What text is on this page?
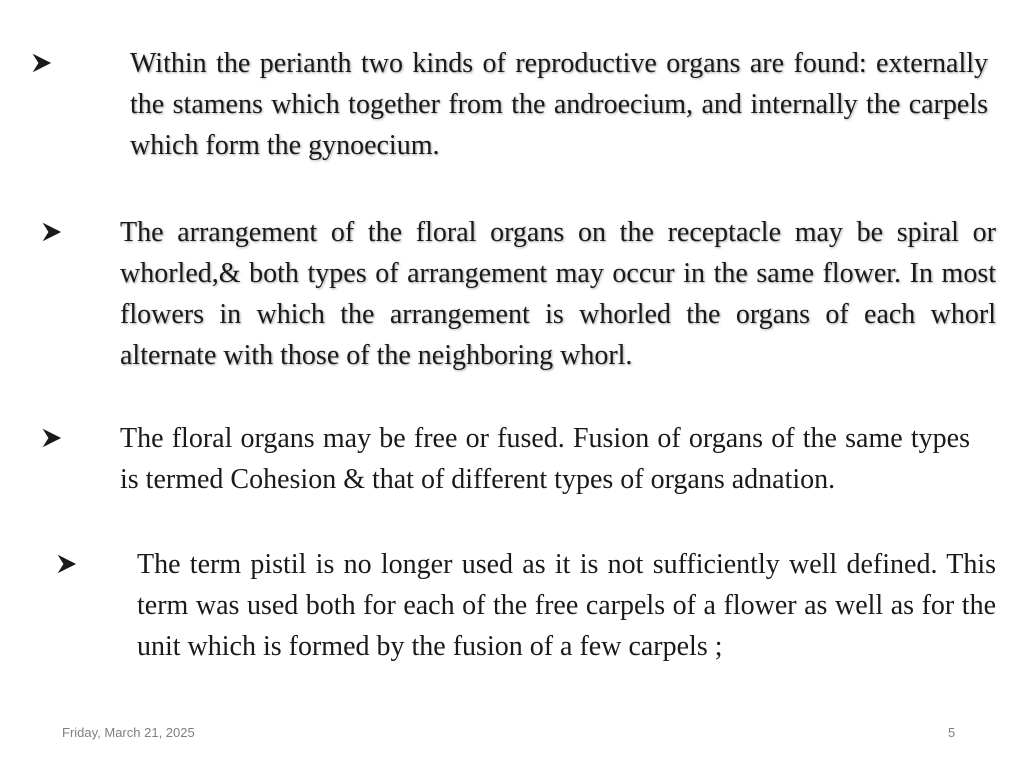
Within the perianth two kinds of reproductive organs are found: externally the stamens which together from the androecium, and internally the carpels which form the gynoecium.
The arrangement of the floral organs on the receptacle may be spiral or whorled,& both types of arrangement may occur in the same flower. In most flowers in which the arrangement is whorled the organs of each whorl alternate with those of the neighboring whorl.
The floral organs may be free or fused. Fusion of organs of the same types is termed Cohesion & that of different types of organs adnation.
The term pistil is no longer used as it is not sufficiently well defined. This term was used both for each of the free carpels of a flower as well as for the unit which is formed by the fusion of a few carpels ;
Friday, March 21, 2025	5
